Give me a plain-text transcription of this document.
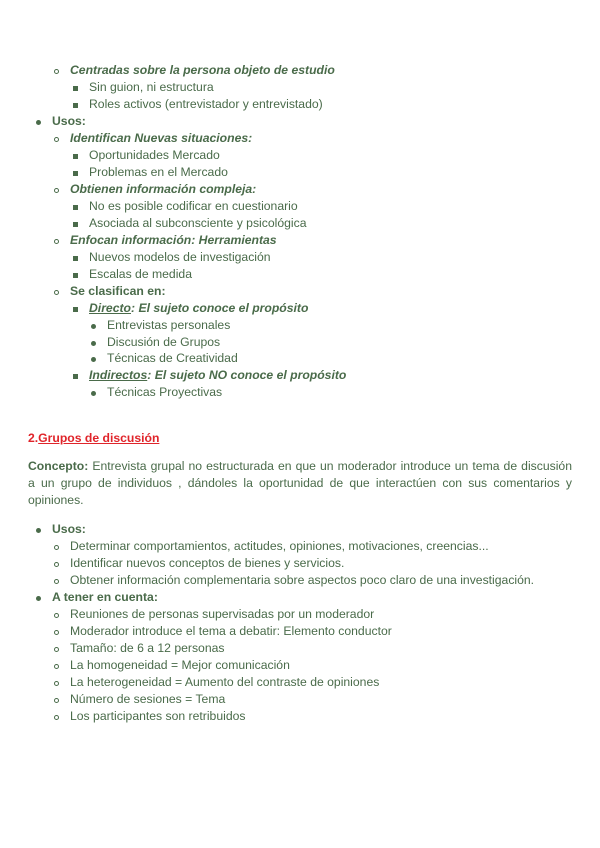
Centradas sobre la persona objeto de estudio
Sin guion, ni estructura
Roles activos (entrevistador y entrevistado)
Usos:
Identifican Nuevas situaciones:
Oportunidades Mercado
Problemas en el Mercado
Obtienen información compleja:
No es posible codificar en cuestionario
Asociada al subconsciente y psicológica
Enfocan información: Herramientas
Nuevos modelos de investigación
Escalas de medida
Se clasifican en:
Directo: El sujeto conoce el propósito
Entrevistas personales
Discusión de Grupos
Técnicas de Creatividad
Indirectos: El sujeto NO conoce el propósito
Técnicas Proyectivas
2.Grupos de discusión
Concepto: Entrevista grupal no estructurada en que un moderador introduce un tema de discusión a un grupo de individuos , dándoles la oportunidad de que interactúen con sus comentarios y opiniones.
Usos:
Determinar comportamientos, actitudes, opiniones, motivaciones, creencias...
Identificar nuevos conceptos de bienes y servicios.
Obtener información complementaria sobre aspectos poco claro de una investigación.
A tener en cuenta:
Reuniones de personas supervisadas por un moderador
Moderador introduce el tema a debatir: Elemento conductor
Tamaño: de 6 a 12 personas
La homogeneidad = Mejor comunicación
La heterogeneidad = Aumento del contraste de opiniones
Número de sesiones = Tema
Los participantes son retribuidos
